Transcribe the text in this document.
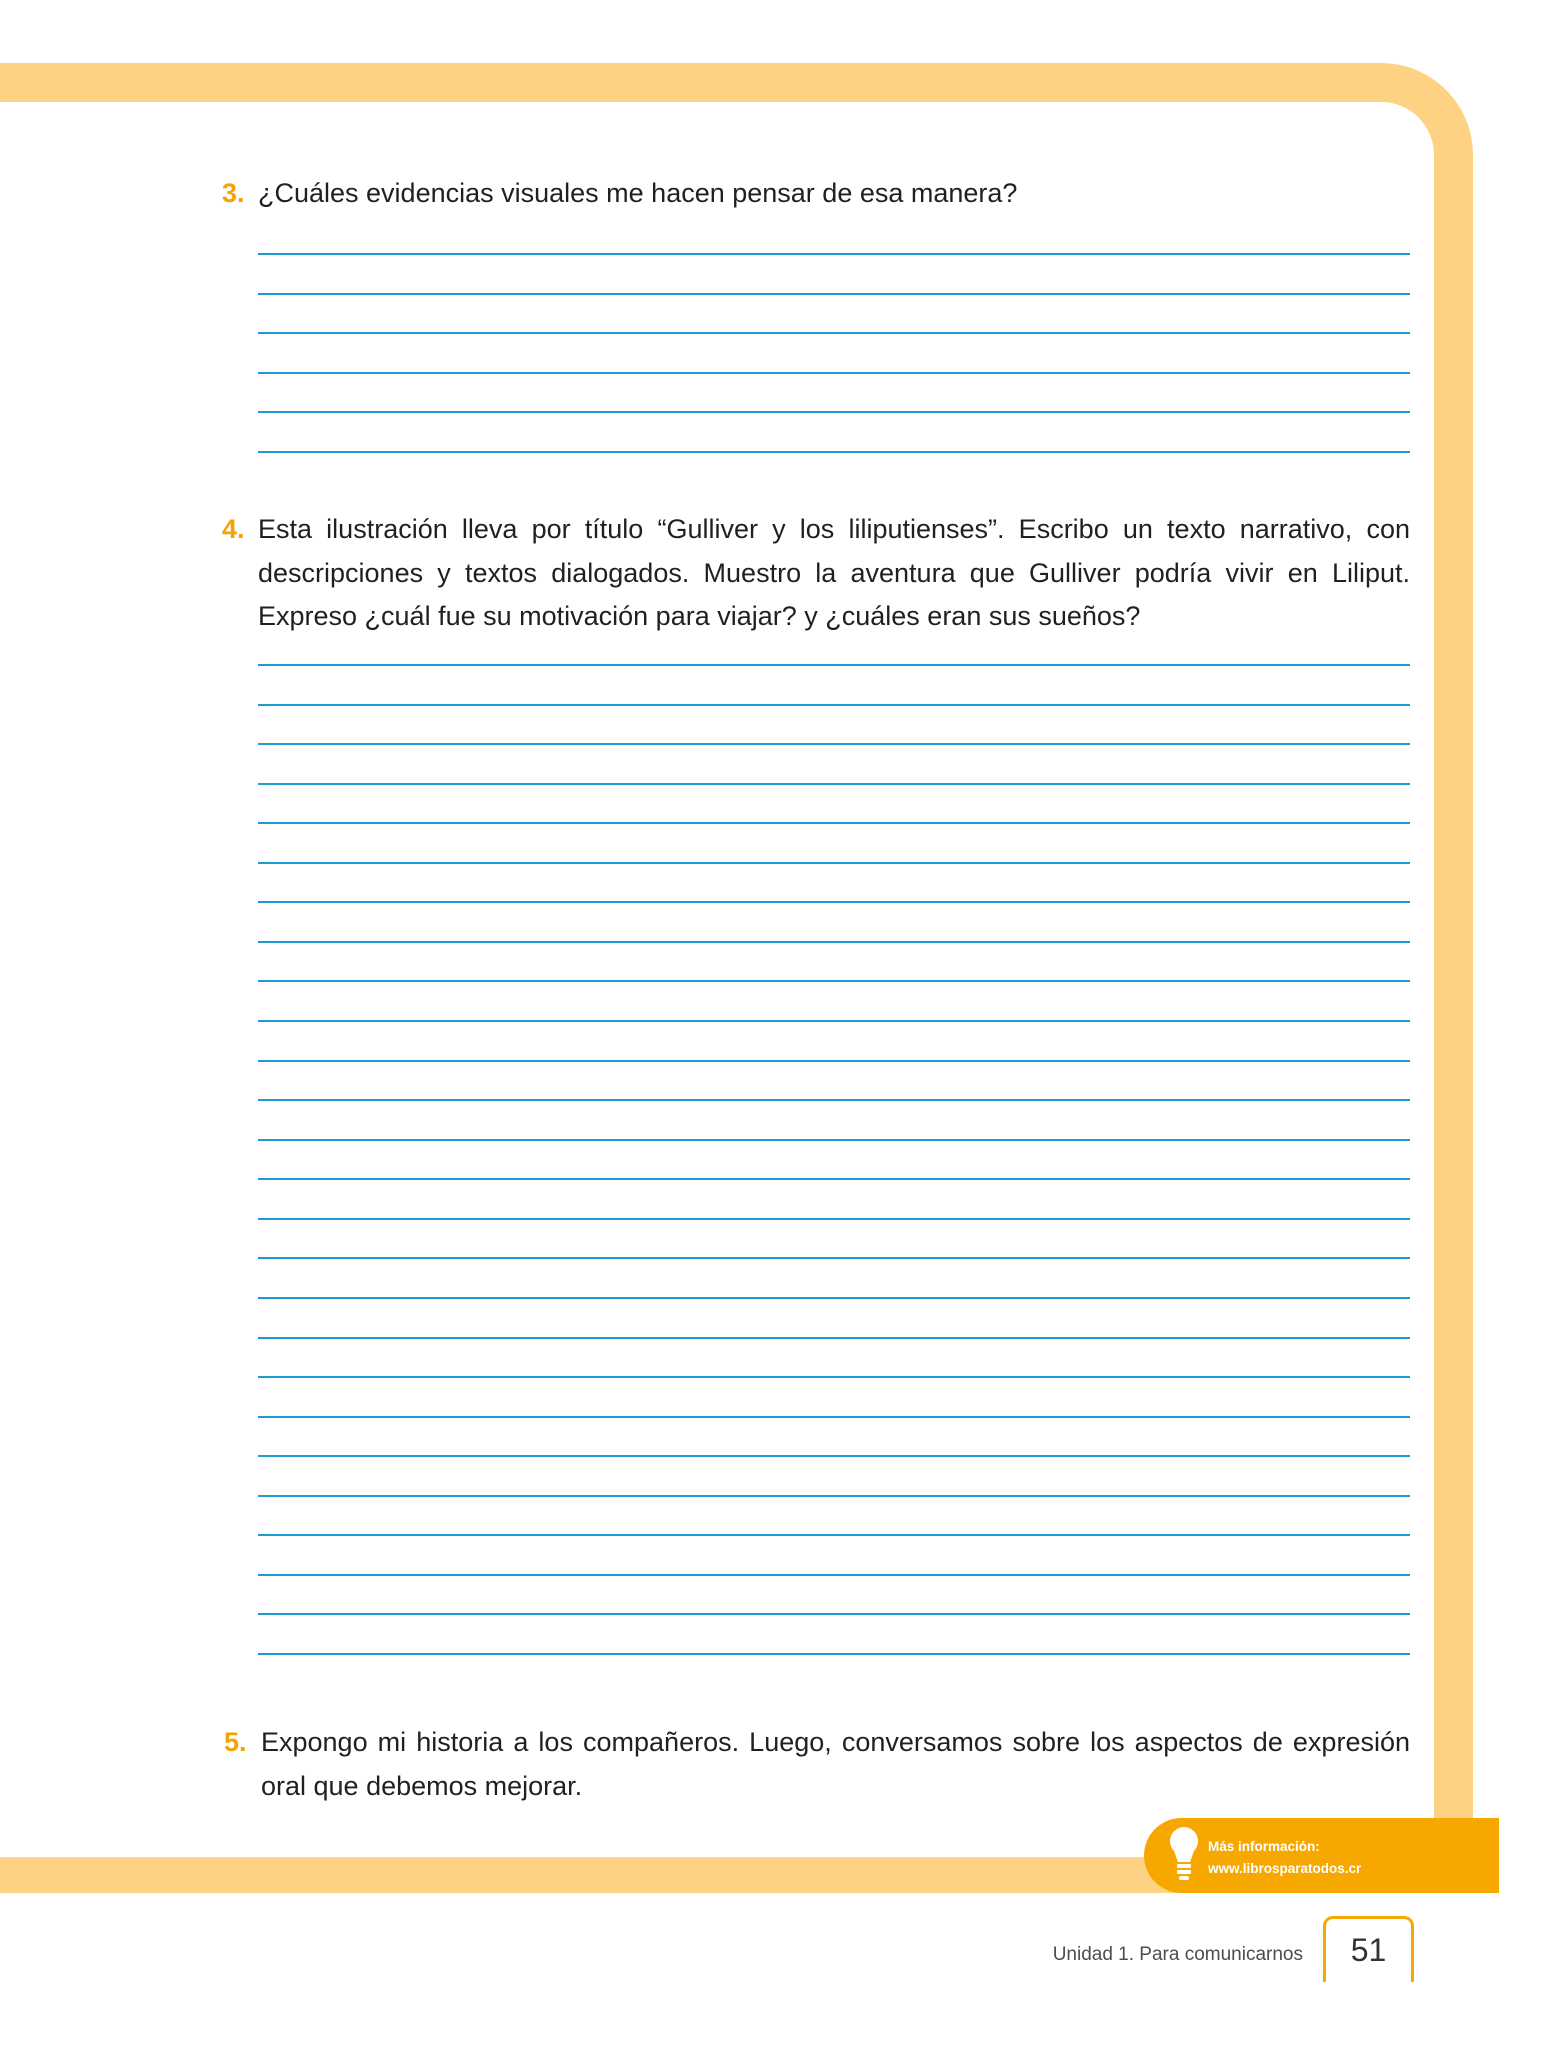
3. ¿Cuáles evidencias visuales me hacen pensar de esa manera?
4. Esta ilustración lleva por título “Gulliver y los liliputienses”. Escribo un texto narrativo, con
descripciones y textos dialogados. Muestro la aventura que Gulliver podría vivir en Liliput.
Expreso ¿cuál fue su motivación para viajar? y ¿cuáles eran sus sueños?
5. Expongo mi historia a los compañeros. Luego, conversamos sobre los aspectos de expresión
oral que debemos mejorar.
Más información:
www.librosparatodos.cr
Unidad 1. Para comunicarnos 51
